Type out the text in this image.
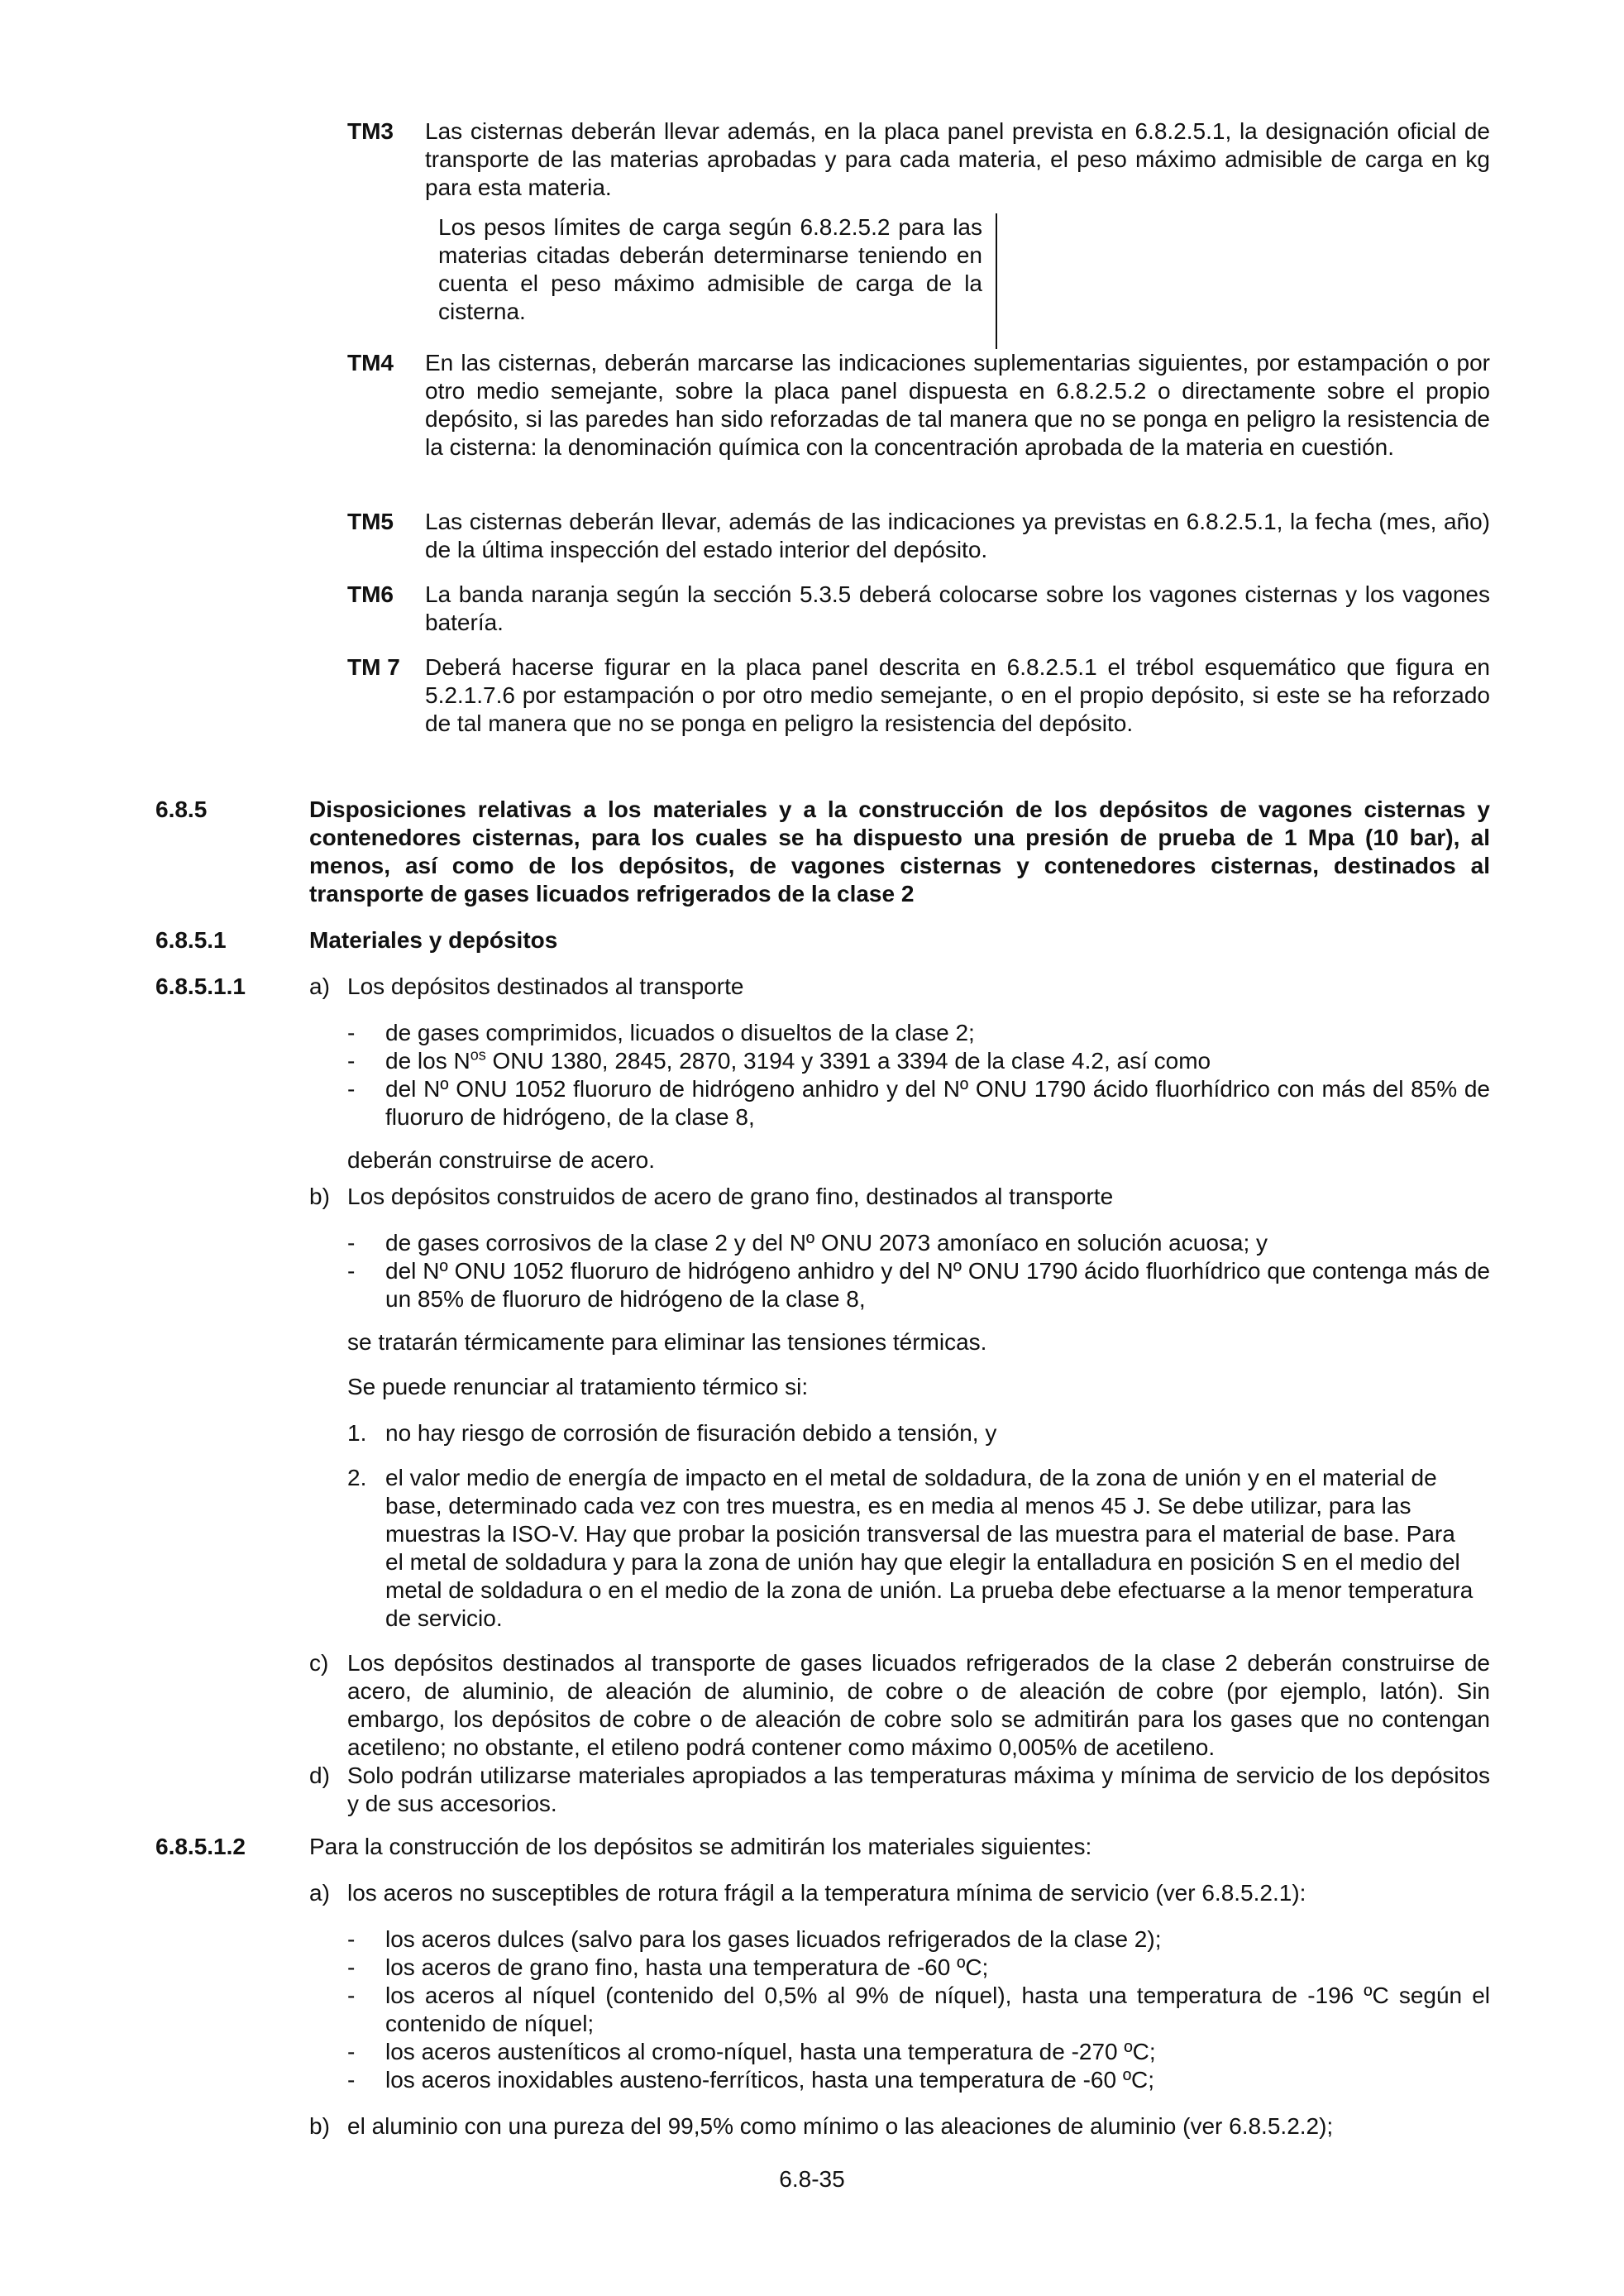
TM3 Las cisternas deberán llevar además, en la placa panel prevista en 6.8.2.5.1, la designación oficial de transporte de las materias aprobadas y para cada materia, el peso máximo admisible de carga en kg para esta materia.
Los pesos límites de carga según 6.8.2.5.2 para las materias citadas deberán determinarse teniendo en cuenta el peso máximo admisible de carga de la cisterna.
TM4 En las cisternas, deberán marcarse las indicaciones suplementarias siguientes, por estampación o por otro medio semejante, sobre la placa panel dispuesta en 6.8.2.5.2 o directamente sobre el propio depósito, si las paredes han sido reforzadas de tal manera que no se ponga en peligro la resistencia de la cisterna: la denominación química con la concentración aprobada de la materia en cuestión.
TM5 Las cisternas deberán llevar, además de las indicaciones ya previstas en 6.8.2.5.1, la fecha (mes, año) de la última inspección del estado interior del depósito.
TM6 La banda naranja según la sección 5.3.5 deberá colocarse sobre los vagones cisternas y los vagones batería.
TM 7 Deberá hacerse figurar en la placa panel descrita en 6.8.2.5.1 el trébol esquemático que figura en 5.2.1.7.6 por estampación o por otro medio semejante, o en el propio depósito, si este se ha reforzado de tal manera que no se ponga en peligro la resistencia del depósito.
6.8.5	Disposiciones relativas a los materiales y a la construcción de los depósitos de vagones cisternas y contenedores cisternas, para los cuales se ha dispuesto una presión de prueba de 1 Mpa (10 bar), al menos, así como de los depósitos, de vagones cisternas y contenedores cisternas, destinados al transporte de gases licuados refrigerados de la clase 2
6.8.5.1	Materiales y depósitos
6.8.5.1.1	a) Los depósitos destinados al transporte
- de gases comprimidos, licuados o disueltos de la clase 2;
- de los $N^{os}$ ONU 1380, 2845, 2870, 3194 y 3391 a 3394 de la clase 4.2, así como
- del Nº ONU 1052 fluoruro de hidrógeno anhidro y del Nº ONU 1790 ácido fluorhídrico con más del 85% de fluoruro de hidrógeno, de la clase 8,
deberán construirse de acero.
b) Los depósitos construidos de acero de grano fino, destinados al transporte
- de gases corrosivos de la clase 2 y del Nº ONU 2073 amoníaco en solución acuosa; y
- del Nº ONU 1052 fluoruro de hidrógeno anhidro y del Nº ONU 1790 ácido fluorhídrico que contenga más de un 85% de fluoruro de hidrógeno de la clase 8,
se tratarán térmicamente para eliminar las tensiones térmicas.
Se puede renunciar al tratamiento térmico si:
1. no hay riesgo de corrosión de fisuración debido a tensión, y
2. el valor medio de energía de impacto en el metal de soldadura, de la zona de unión y en el material de base, determinado cada vez con tres muestra, es en media al menos 45 J. Se debe utilizar, para las muestras la ISO-V. Hay que probar la posición transversal de las muestra para el material de base. Para el metal de soldadura y para la zona de unión hay que elegir la entalladura en posición S en el medio del metal de soldadura o en el medio de la zona de unión. La prueba debe efectuarse a la menor temperatura de servicio.
c) Los depósitos destinados al transporte de gases licuados refrigerados de la clase 2 deberán construirse de acero, de aluminio, de aleación de aluminio, de cobre o de aleación de cobre (por ejemplo, latón). Sin embargo, los depósitos de cobre o de aleación de cobre solo se admitirán para los gases que no contengan acetileno; no obstante, el etileno podrá contener como máximo 0,005% de acetileno.
d) Solo podrán utilizarse materiales apropiados a las temperaturas máxima y mínima de servicio de los depósitos y de sus accesorios.
6.8.5.1.2	Para la construcción de los depósitos se admitirán los materiales siguientes:
a) los aceros no susceptibles de rotura frágil a la temperatura mínima de servicio (ver 6.8.5.2.1):
- los aceros dulces (salvo para los gases licuados refrigerados de la clase 2);
- los aceros de grano fino, hasta una temperatura de -60 ºC;
- los aceros al níquel (contenido del 0,5% al 9% de níquel), hasta una temperatura de -196 ºC según el contenido de níquel;
- los aceros austeníticos al cromo-níquel, hasta una temperatura de -270 ºC;
- los aceros inoxidables austeno-ferríticos, hasta una temperatura de -60 ºC;
b) el aluminio con una pureza del 99,5% como mínimo o las aleaciones de aluminio (ver 6.8.5.2.2);
6.8-35
